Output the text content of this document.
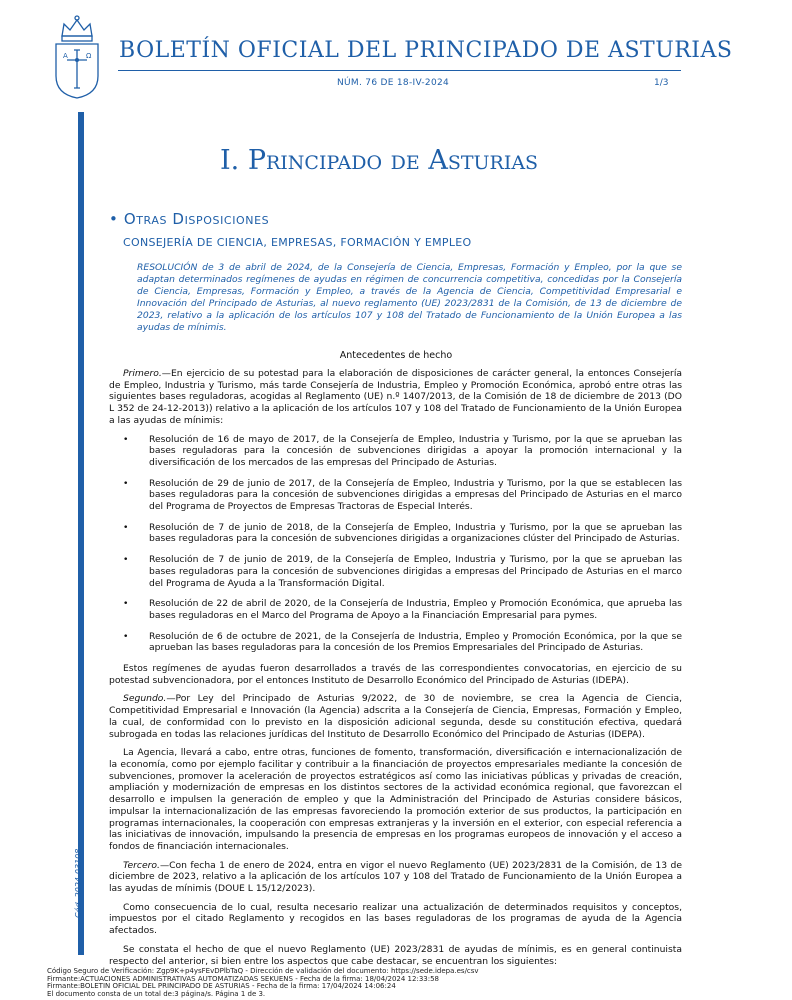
A	Ω BOLETÍN OFICIAL DEL PRINCIPADO DE ASTURIAS
NÚM. 76 DE 18-IV-2024	1/3
Cód. 2024-03108
I. Principado de Asturias
• Otras Disposiciones
CONSEJERÍA DE CIENCIA, EMPRESAS, FORMACIÓN Y EMPLEO
RESOLUCIÓN de 3 de abril de 2024, de la Consejería de Ciencia, Empresas, Formación y Empleo, por la que se adaptan determinados regímenes de ayudas en régimen de concurrencia competitiva, concedidas por la Consejería de Ciencia, Empresas, Formación y Empleo, a través de la Agencia de Ciencia, Competitividad Empresarial e Innovación del Principado de Asturias, al nuevo reglamento (UE) 2023/2831 de la Comisión, de 13 de diciembre de 2023, relativo a la aplicación de los artículos 107 y 108 del Tratado de Funcionamiento de la Unión Europea a las ayudas de mínimis.
Antecedentes de hecho

Primero.—En ejercicio de su potestad para la elaboración de disposiciones de carácter general, la entonces Consejería de Empleo, Industria y Turismo, más tarde Consejería de Industria, Empleo y Promoción Económica, aprobó entre otras las siguientes bases reguladoras, acogidas al Reglamento (UE) n.º 1407/2013, de la Comisión de 18 de diciembre de 2013 (DO L 352 de 24-12-2013)) relativo a la aplicación de los artículos 107 y 108 del Tratado de Funcionamiento de la Unión Europea a las ayudas de mínimis:

• Resolución de 16 de mayo de 2017, de la Consejería de Empleo, Industria y Turismo, por la que se aprueban las bases reguladoras para la concesión de subvenciones dirigidas a apoyar la promoción internacional y la diversificación de los mercados de las empresas del Principado de Asturias.
• Resolución de 29 de junio de 2017, de la Consejería de Empleo, Industria y Turismo, por la que se establecen las bases reguladoras para la concesión de subvenciones dirigidas a empresas del Principado de Asturias en el marco del Programa de Proyectos de Empresas Tractoras de Especial Interés.
• Resolución de 7 de junio de 2018, de la Consejería de Empleo, Industria y Turismo, por la que se aprueban las bases reguladoras para la concesión de subvenciones dirigidas a organizaciones clúster del Principado de Asturias.
• Resolución de 7 de junio de 2019, de la Consejería de Empleo, Industria y Turismo, por la que se aprueban las bases reguladoras para la concesión de subvenciones dirigidas a empresas del Principado de Asturias en el marco del Programa de Ayuda a la Transformación Digital.
• Resolución de 22 de abril de 2020, de la Consejería de Industria, Empleo y Promoción Económica, que aprueba las bases reguladoras en el Marco del Programa de Apoyo a la Financiación Empresarial para pymes.
• Resolución de 6 de octubre de 2021, de la Consejería de Industria, Empleo y Promoción Económica, por la que se aprueban las bases reguladoras para la concesión de los Premios Empresariales del Principado de Asturias.

Estos regímenes de ayudas fueron desarrollados a través de las correspondientes convocatorias, en ejercicio de su potestad subvencionadora, por el entonces Instituto de Desarrollo Económico del Principado de Asturias (IDEPA).

Segundo.—Por Ley del Principado de Asturias 9/2022, de 30 de noviembre, se crea la Agencia de Ciencia, Competitividad Empresarial e Innovación (la Agencia) adscrita a la Consejería de Ciencia, Empresas, Formación y Empleo, la cual, de conformidad con lo previsto en la disposición adicional segunda, desde su constitución efectiva, quedará subrogada en todas las relaciones jurídicas del Instituto de Desarrollo Económico del Principado de Asturias (IDEPA).

La Agencia, llevará a cabo, entre otras, funciones de fomento, transformación, diversificación e internacionalización de la economía, como por ejemplo facilitar y contribuir a la financiación de proyectos empresariales mediante la concesión de subvenciones, promover la aceleración de proyectos estratégicos así como las iniciativas públicas y privadas de creación, ampliación y modernización de empresas en los distintos sectores de la actividad económica regional, que favorezcan el desarrollo e impulsen la generación de empleo y que la Administración del Principado de Asturias considere básicos, impulsar la internacionalización de las empresas favoreciendo la promoción exterior de sus productos, la participación en programas internacionales, la cooperación con empresas extranjeras y la inversión en el exterior, con especial referencia a las iniciativas de innovación, impulsando la presencia de empresas en los programas europeos de innovación y el acceso a fondos de financiación internacionales.

Tercero.—Con fecha 1 de enero de 2024, entra en vigor el nuevo Reglamento (UE) 2023/2831 de la Comisión, de 13 de diciembre de 2023, relativo a la aplicación de los artículos 107 y 108 del Tratado de Funcionamiento de la Unión Europea a las ayudas de mínimis (DOUE L 15/12/2023).

Como consecuencia de lo cual, resulta necesario realizar una actualización de determinados requisitos y conceptos, impuestos por el citado Reglamento y recogidos en las bases reguladoras de los programas de ayuda de la Agencia afectados.

Se constata el hecho de que el nuevo Reglamento (UE) 2023/2831 de ayudas de mínimis, es en general continuista respecto del anterior, si bien entre los aspectos que cabe destacar, se encuentran los siguientes:

Código Seguro de Verificación: Zgp9K+p4ysFEvDPlbTaQ - Dirección de validación del documento: https://sede.idepa.es/csv
Firmante:ACTUACIONES ADMINISTRATIVAS AUTOMATIZADAS SEKUENS - Fecha de la firma: 18/04/2024 12:33:58
Firmante:BOLETIN OFICIAL DEL PRINCIPADO DE ASTURIAS - Fecha de la firma: 17/04/2024 14:06:24
El documento consta de un total de:3 página/s. Página 1 de 3.
